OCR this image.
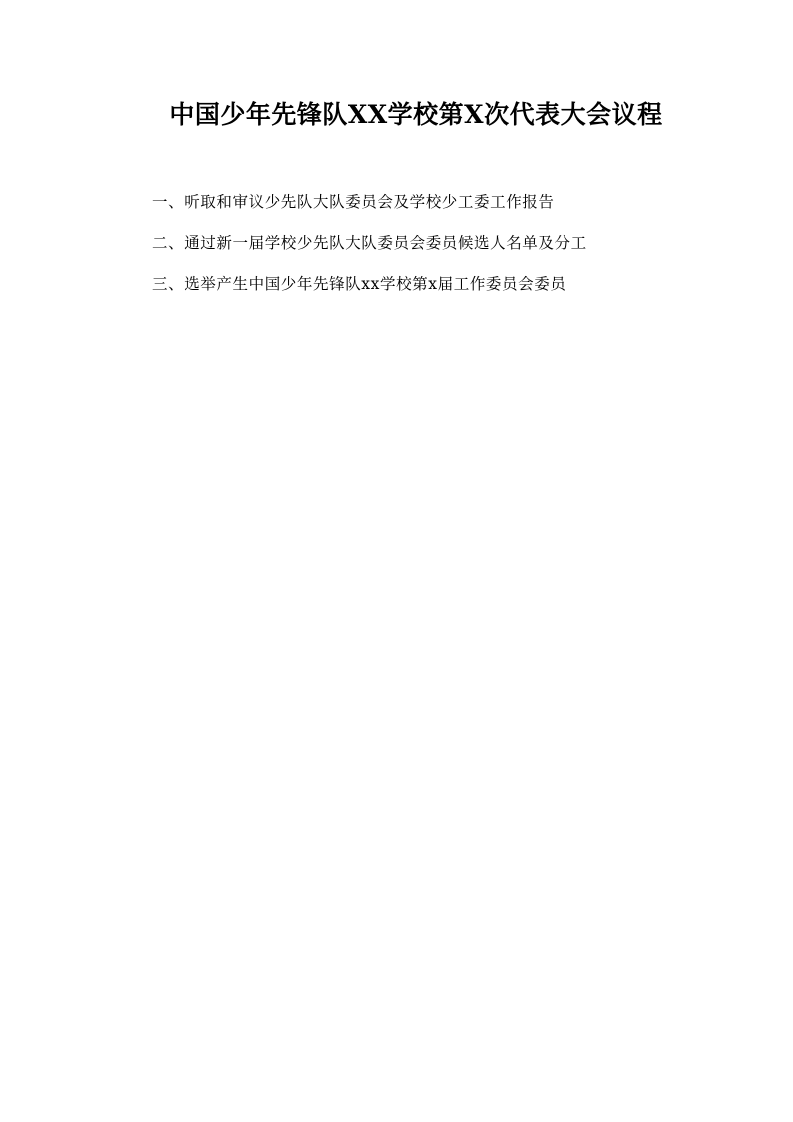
中国少年先锋队XX学校第X次代表大会议程
一、听取和审议少先队大队委员会及学校少工委工作报告
二、通过新一届学校少先队大队委员会委员候选人名单及分工
三、选举产生中国少年先锋队xx学校第x届工作委员会委员
